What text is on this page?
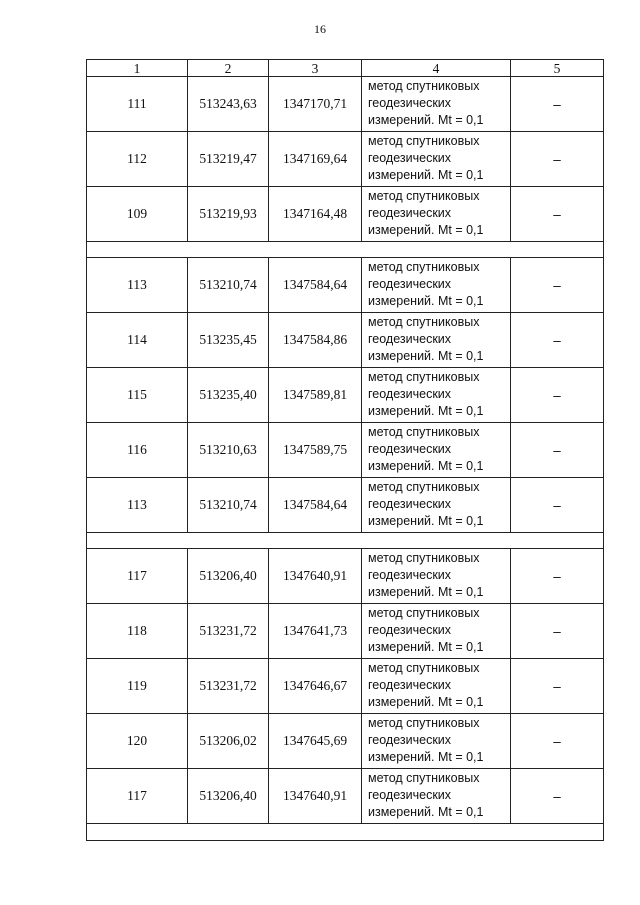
16
1	2	3	4	5
111	513243,63	1347170,71	метод спутниковых
геодезических
измерений. Mt = 0,1	–
112	513219,47	1347169,64	метод спутниковых
геодезических
измерений. Mt = 0,1	–
109	513219,93	1347164,48	метод спутниковых
геодезических
измерений. Mt = 0,1	–

113	513210,74	1347584,64	метод спутниковых
геодезических
измерений. Mt = 0,1	–
114	513235,45	1347584,86	метод спутниковых
геодезических
измерений. Mt = 0,1	–
115	513235,40	1347589,81	метод спутниковых
геодезических
измерений. Mt = 0,1	–
116	513210,63	1347589,75	метод спутниковых
геодезических
измерений. Mt = 0,1	–
113	513210,74	1347584,64	метод спутниковых
геодезических
измерений. Mt = 0,1	–

117	513206,40	1347640,91	метод спутниковых
геодезических
измерений. Mt = 0,1	–
118	513231,72	1347641,73	метод спутниковых
геодезических
измерений. Mt = 0,1	–
119	513231,72	1347646,67	метод спутниковых
геодезических
измерений. Mt = 0,1	–
120	513206,02	1347645,69	метод спутниковых
геодезических
измерений. Mt = 0,1	–
117	513206,40	1347640,91	метод спутниковых
геодезических
измерений. Mt = 0,1	–
